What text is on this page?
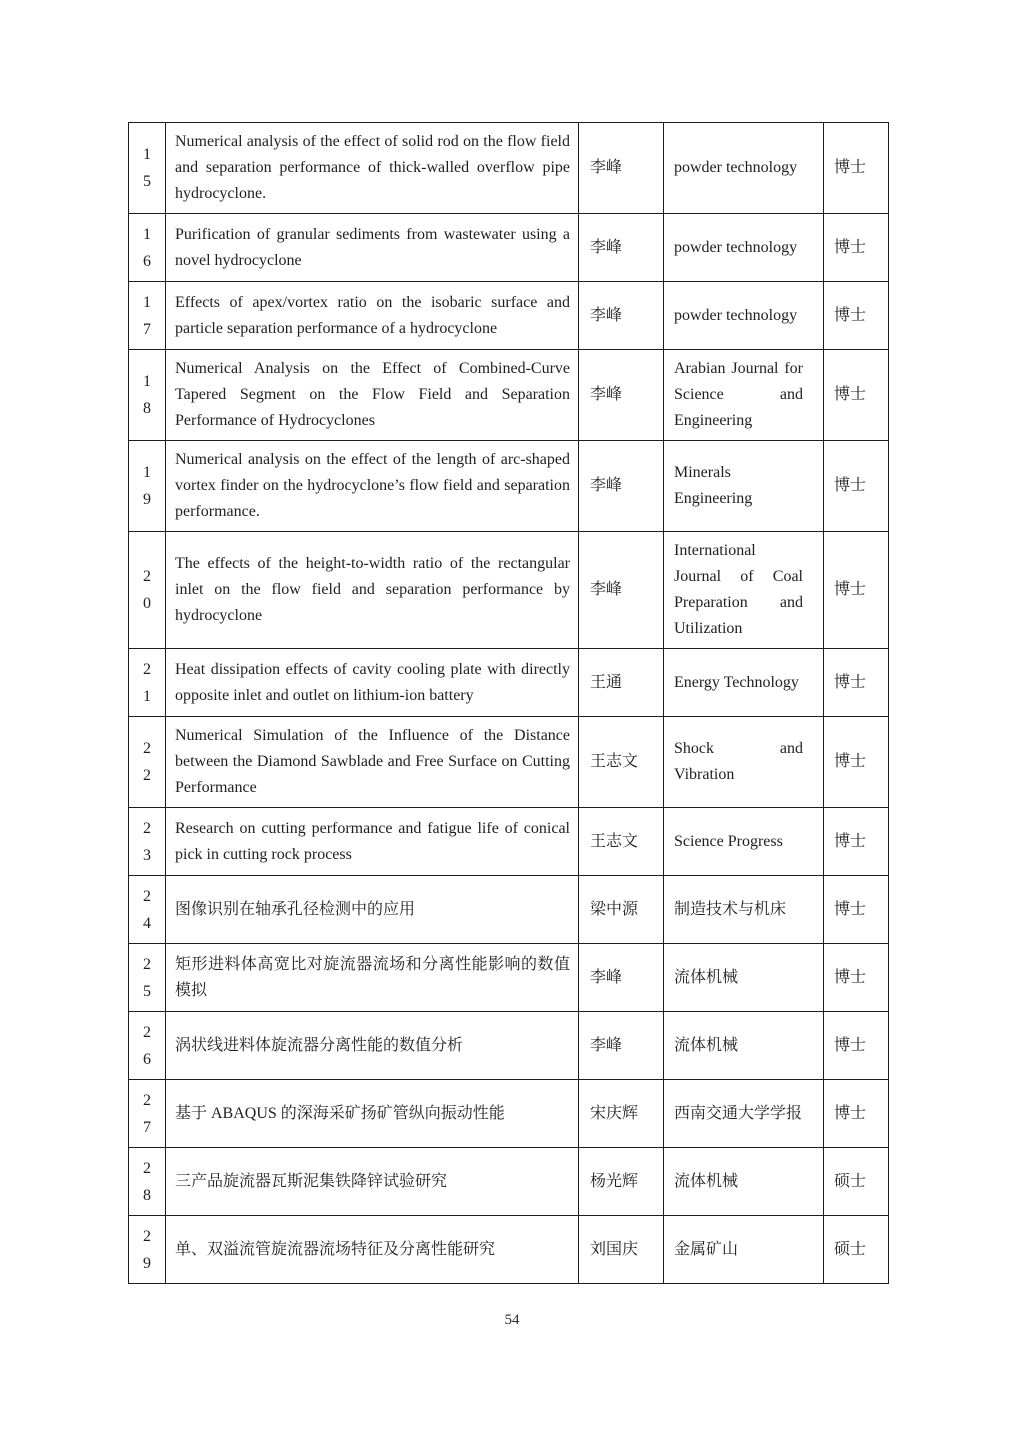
15	Numerical analysis of the effect of solid rod on the flow field and separation performance of thick-walled overflow pipe hydrocyclone.	李峰	powder technology	博士
16	Purification of granular sediments from wastewater using a novel hydrocyclone	李峰	powder technology	博士
17	Effects of apex/vortex ratio on the isobaric surface and particle separation performance of a hydrocyclone	李峰	powder technology	博士
18	Numerical Analysis on the Effect of Combined-Curve Tapered Segment on the Flow Field and Separation Performance of Hydrocyclones	李峰	Arabian Journal for Science and Engineering	博士
19	Numerical analysis on the effect of the length of arc-shaped vortex finder on the hydrocyclone’s flow field and separation performance.	李峰	Minerals Engineering	博士
20	The effects of the height-to-width ratio of the rectangular inlet on the flow field and separation performance by hydrocyclone	李峰	International Journal of Coal Preparation and Utilization	博士
21	Heat dissipation effects of cavity cooling plate with directly opposite inlet and outlet on lithium-ion battery	王通	Energy Technology	博士
22	Numerical Simulation of the Influence of the Distance between the Diamond Sawblade and Free Surface on Cutting Performance	王志文	Shock and Vibration	博士
23	Research on cutting performance and fatigue life of conical pick in cutting rock process	王志文	Science Progress	博士
24	图像识别在轴承孔径检测中的应用	梁中源	制造技术与机床	博士
25	矩形进料体高宽比对旋流器流场和分离性能影响的数值模拟	李峰	流体机械	博士
26	涡状线进料体旋流器分离性能的数值分析	李峰	流体机械	博士
27	基于 ABAQUS 的深海采矿扬矿管纵向振动性能	宋庆辉	西南交通大学学报	博士
28	三产品旋流器瓦斯泥集铁降锌试验研究	杨光辉	流体机械	硕士
29	单、双溢流管旋流器流场特征及分离性能研究	刘国庆	金属矿山	硕士
54
